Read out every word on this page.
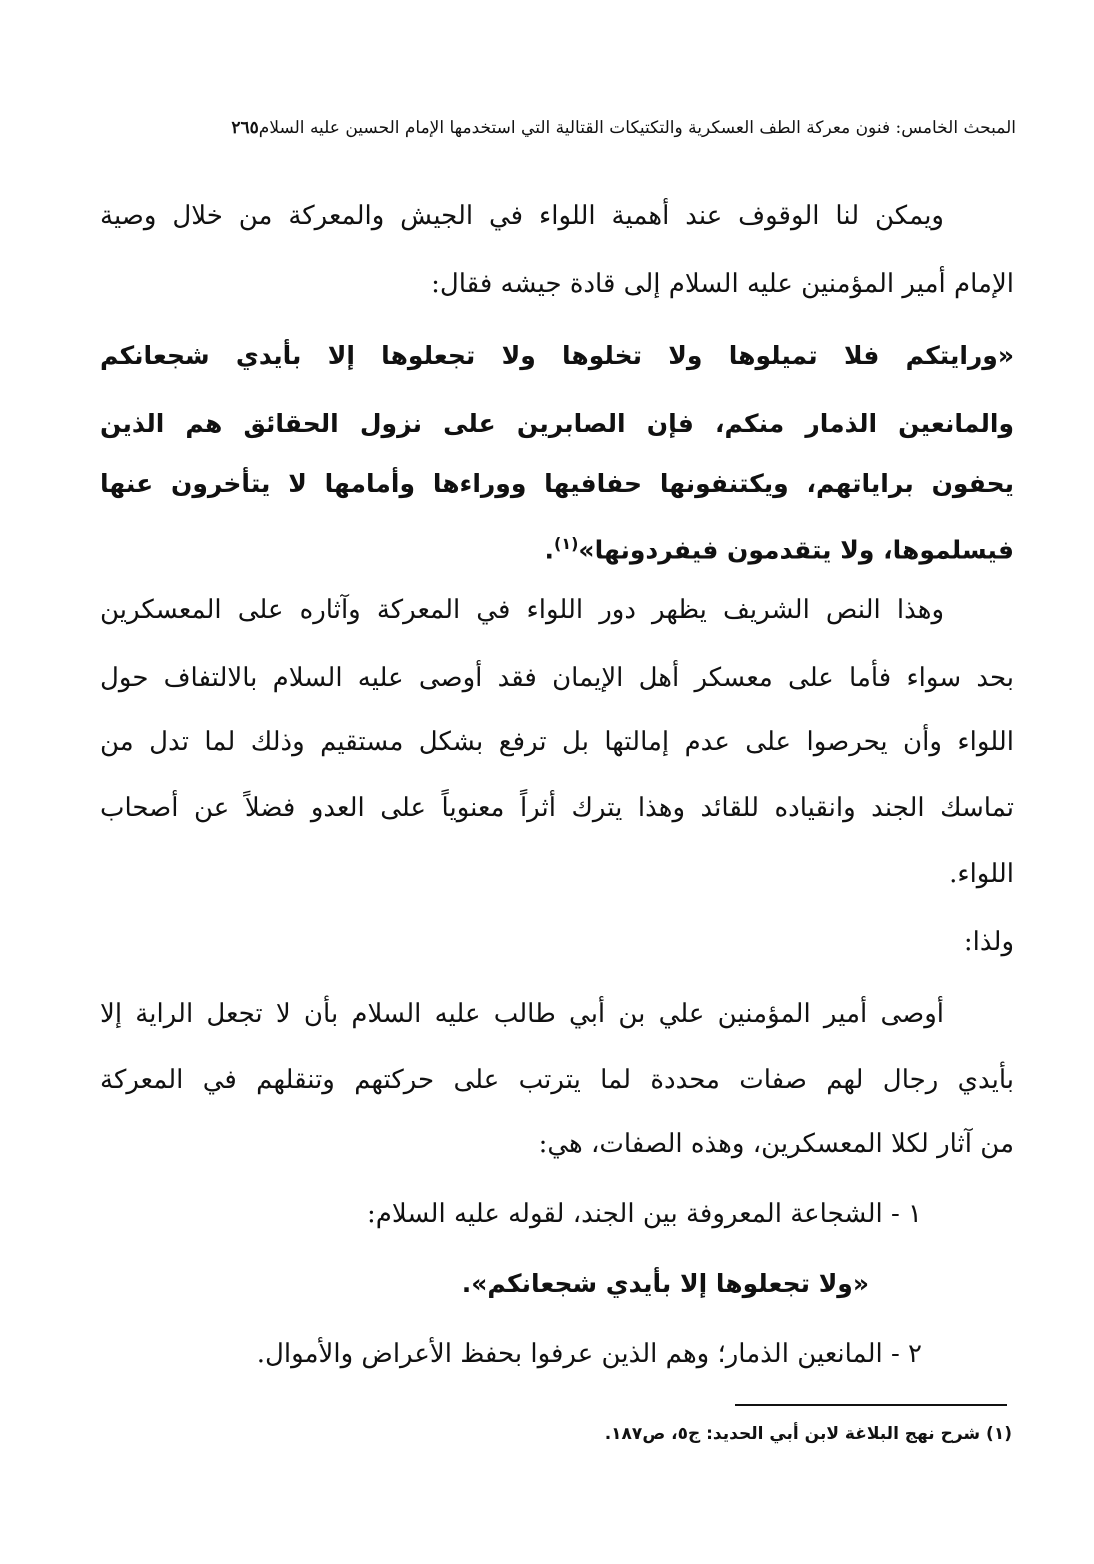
المبحث الخامس: فنون معركة الطف العسكرية والتكتيكات القتالية التي استخدمها الإمام الحسين عليه السلام٢٦٥
ويمكن لنا الوقوف عند أهمية اللواء في الجيش والمعركة من خلال وصية
الإمام أمير المؤمنين عليه السلام إلى قادة جيشه فقال:
«ورايتكم فلا تميلوها ولا تخلوها ولا تجعلوها إلا بأيدي شجعانكم
والمانعين الذمار منكم، فإن الصابرين على نزول الحقائق هم الذين
يحفون براياتهم، ويكتنفونها حفافيها ووراءها وأمامها لا يتأخرون عنها
فيسلموها، ولا يتقدمون فيفردونها»$^{(١)}$.
وهذا النص الشريف يظهر دور اللواء في المعركة وآثاره على المعسكرين
بحد سواء فأما على معسكر أهل الإيمان فقد أوصى عليه السلام بالالتفاف حول
اللواء وأن يحرصوا على عدم إمالتها بل ترفع بشكل مستقيم وذلك لما تدل من
تماسك الجند وانقياده للقائد وهذا يترك أثراً معنوياً على العدو فضلاً عن أصحاب
اللواء.
ولذا:
أوصى أمير المؤمنين علي بن أبي طالب عليه السلام بأن لا تجعل الراية إلا
بأيدي رجال لهم صفات محددة لما يترتب على حركتهم وتنقلهم في المعركة
من آثار لكلا المعسكرين، وهذه الصفات، هي:
١ - الشجاعة المعروفة بين الجند، لقوله عليه السلام:
«ولا تجعلوها إلا بأيدي شجعانكم».
٢ - المانعين الذمار؛ وهم الذين عرفوا بحفظ الأعراض والأموال.
(١) شرح نهج البلاغة لابن أبي الحديد: ج٥، ص١٨٧.
